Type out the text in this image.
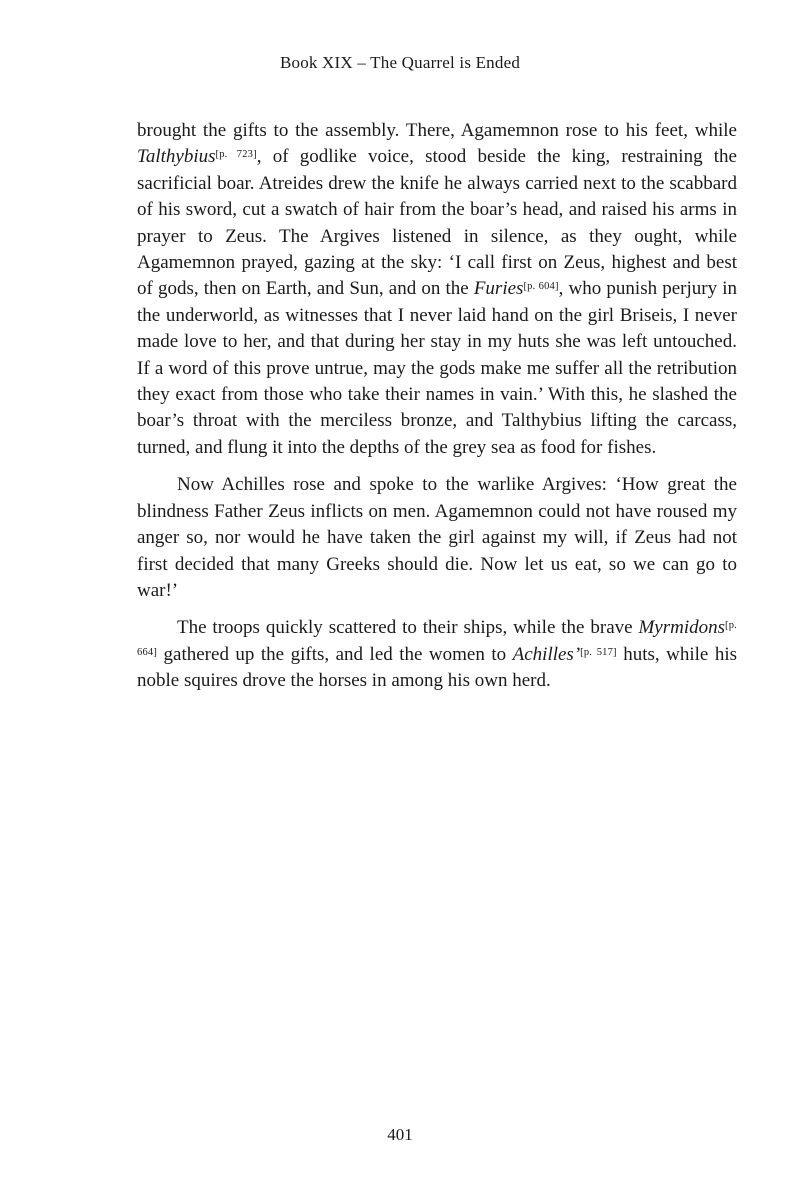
Book XIX – The Quarrel is Ended

brought the gifts to the assembly. There, Agamemnon rose to his feet, while Talthybius[p. 723], of godlike voice, stood beside the king, restraining the sacrificial boar. Atreides drew the knife he always carried next to the scabbard of his sword, cut a swatch of hair from the boar’s head, and raised his arms in prayer to Zeus. The Argives listened in silence, as they ought, while Agamemnon prayed, gazing at the sky: ‘I call first on Zeus, highest and best of gods, then on Earth, and Sun, and on the Furies[p. 604], who punish perjury in the underworld, as witnesses that I never laid hand on the girl Briseis, I never made love to her, and that during her stay in my huts she was left untouched. If a word of this prove untrue, may the gods make me suffer all the retribution they exact from those who take their names in vain.’ With this, he slashed the boar’s throat with the merciless bronze, and Talthybius lifting the carcass, turned, and flung it into the depths of the grey sea as food for fishes.

Now Achilles rose and spoke to the warlike Argives: ‘How great the blindness Father Zeus inflicts on men. Agamemnon could not have roused my anger so, nor would he have taken the girl against my will, if Zeus had not first decided that many Greeks should die. Now let us eat, so we can go to war!’

The troops quickly scattered to their ships, while the brave Myrmidons[p. 664] gathered up the gifts, and led the women to Achilles’[p. 517] huts, while his noble squires drove the horses in among his own herd.

401
